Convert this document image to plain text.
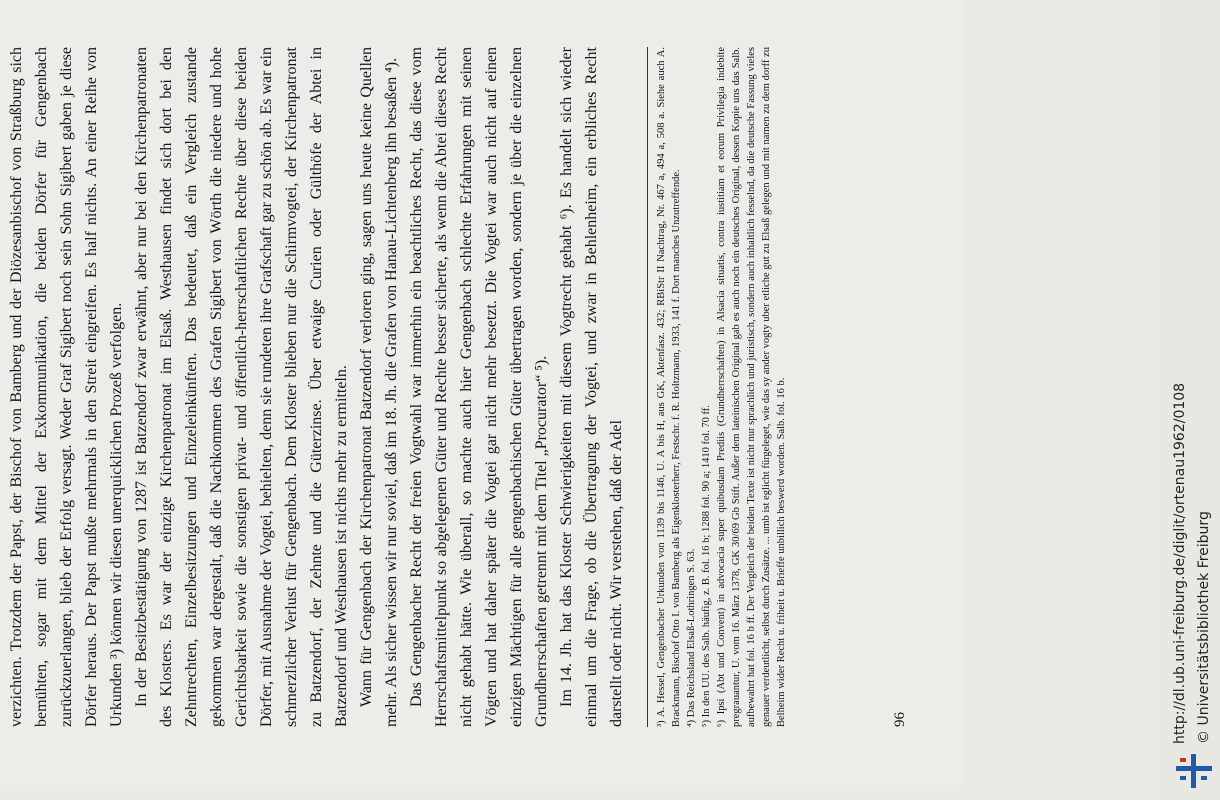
verzichten. Trotzdem der Papst, der Bischof von Bamberg und der Diözesanbischof von Straßburg sich bemühten, sogar mit dem Mittel der Exkommunikation, die beiden Dörfer für Gengenbach zurückzuerlangen, blieb der Erfolg versagt. Weder Graf Sigibert noch sein Sohn Sigibert gaben je diese Dörfer heraus. Der Papst mußte mehrmals in den Streit eingreifen. Es half nichts. An einer Reihe von Urkunden ³) können wir diesen unerquicklichen Prozeß verfolgen. In der Besitzbestätigung von 1287 ist Batzendorf zwar erwähnt, aber nur bei den Kirchenpatronaten des Klosters. Es war der einzige Kirchenpatronat im Elsaß. Westhausen findet sich dort bei den Zehntrechten, Einzelbesitzungen und Einzeleinkünften. Das bedeutet, daß ein Vergleich zustande gekommen war dergestalt, daß die Nachkommen des Grafen Sigibert von Wörth die niedere und hohe Gerichtsbarkeit sowie die sonstigen privat- und öffentlich-herrschaftlichen Rechte über diese beiden Dörfer, mit Ausnahme der Vogtei, behielten, denn sie rundeten ihre Grafschaft gar zu schön ab. Es war ein schmerzlicher Verlust für Gengenbach. Dem Kloster blieben nur die Schirmvogtei, der Kirchenpatronat zu Batzendorf, der Zehnte und die Güterzinse. Über etwaige Curien oder Gülthöfe der Abtei in Batzendorf und Westhausen ist nichts mehr zu ermitteln. Wann für Gengenbach der Kirchenpatronat Batzendorf verloren ging, sagen uns heute keine Quellen mehr. Als sicher wissen wir nur soviel, daß im 18. Jh. die Grafen von Hanau-Lichtenberg ihn besaßen ⁴). Das Gengenbacher Recht der freien Vogtwahl war immerhin ein beachtliches Recht, das diese vom Herrschaftsmittelpunkt so abgelegenen Güter und Rechte besser sicherte, als wenn die Abtei dieses Recht nicht gehabt hätte. Wie überall, so machte auch hier Gengenbach schlechte Erfahrungen mit seinen Vögten und hat daher später die Vogtei gar nicht mehr besetzt. Die Vogtei war auch nicht auf einen einzigen Mächtigen für alle gengenbachischen Güter übertragen worden, sondern je über die einzelnen Grundherrschaften getrennt mit dem Titel „Procurator“ ⁵). Im 14. Jh. hat das Kloster Schwierigkeiten mit diesem Vogtrecht gehabt ⁶). Es handelt sich wieder einmal um die Frage, ob die Übertragung der Vogtei, und zwar in Behlenheim, ein erbliches Recht darstellt oder nicht. Wir verstehen, daß der Adel	³) A. Hessel, Gengenbacher Urkunden von 1139 bis 1146, U. A bis H, aus GK, Aktenfasz. 432; RBiStr II Nachtrag, Nr. 467 a, 494 a, 508 a. Siehe auch A. Brackmann, Bischof Otto I. von Bamberg als Eigenklosterherr, Festschr. f. R. Holtzmann, 1933, 141 f. Dort manches Unzutreffende. ⁴) Das Reichsland Elsaß-Lothringen S. 63. ⁵) In den UU. des Salb. häufig, z. B. fol. 16 b; 1288 fol. 90 a; 1410 fol. 70 ff. ⁶) Ipsi (Abt und Convent) in advocacia super quibusdam Prediis (Grundherrschaften) in Alsacia situatis, contra iustitiam et eorum Privilegia indebite pregrauantur, U. vom 16. März 1378, GK 30/69 Gb Stift. Außer dem lateinischen Original gab es auch noch ein deutsches Original, dessen Kopie uns das Salb. aufbewahrt hat fol. 16 b ff. Der Vergleich der beiden Texte ist nicht nur sprachlich und juristisch, sondern auch inhaltlich fesselnd, da die deutsche Fassung vieles genauer verdeutlicht, selbst durch Zusätze. ... umb ist eglicht fürgeleget, wie das sy ander vogty uber etliche gut zu Elsaß gelegen und mit namen zu dem dorff zu Belheim wider Recht u. friheit u. Brieffe unbillich beswerd worden. Salb. fol. 16 b.	96	http://dl.ub.uni-freiburg.de/diglit/ortenau1962/0108 © Universitätsbibliothek Freiburg
